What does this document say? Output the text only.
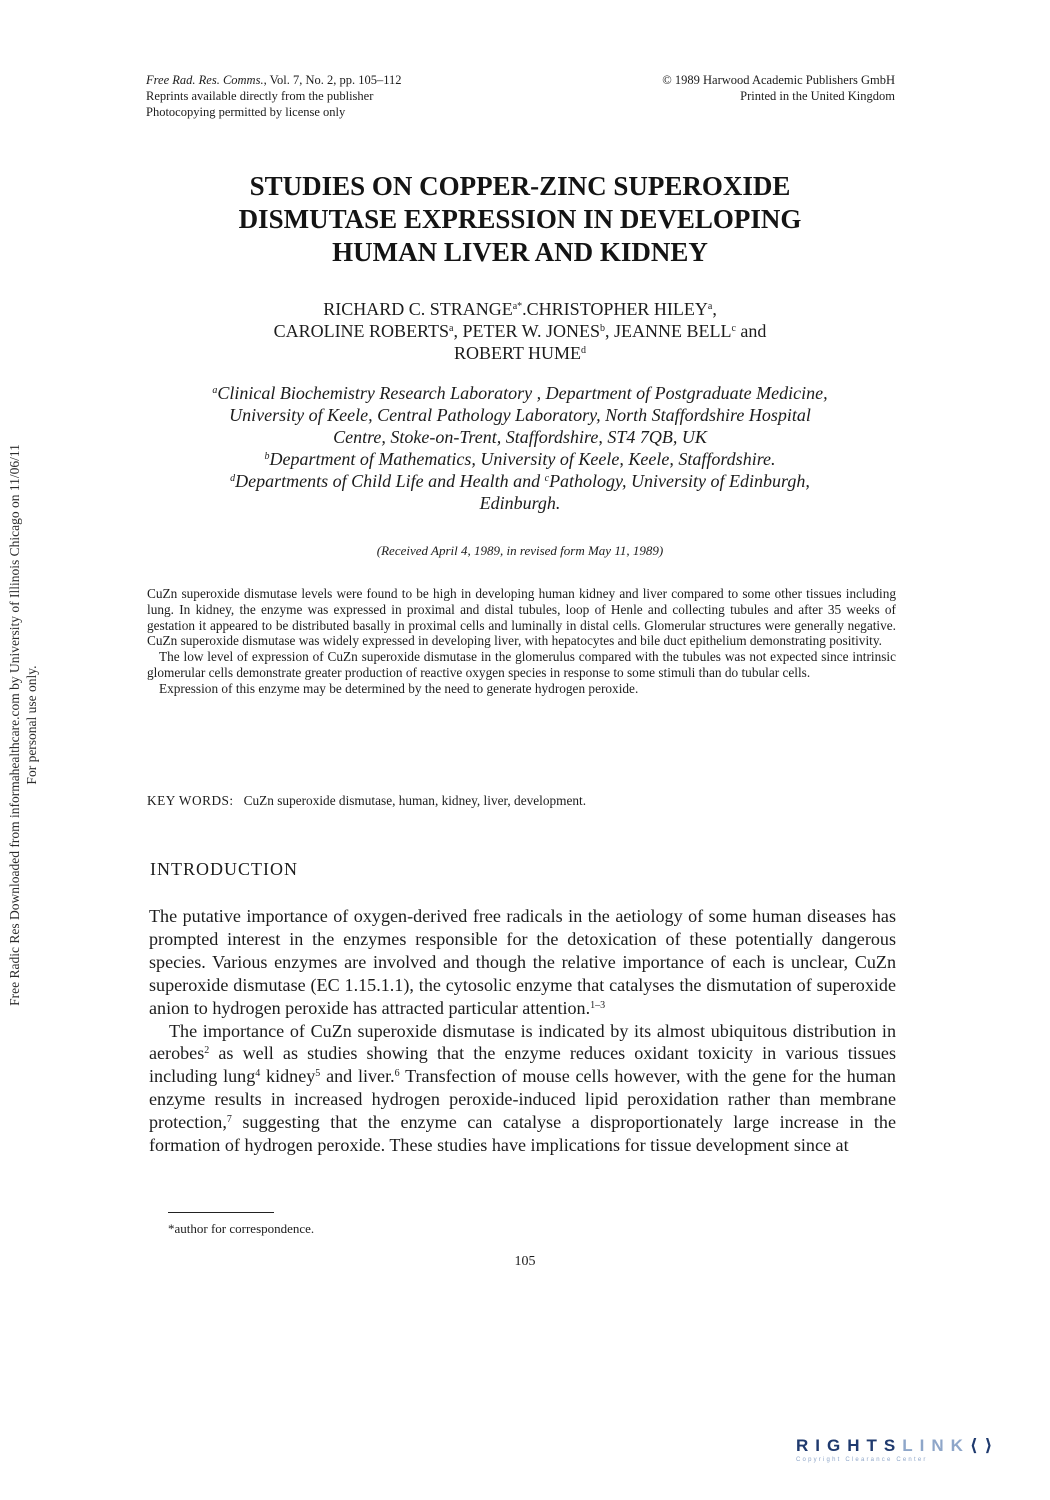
Free Rad. Res. Comms., Vol. 7, No. 2, pp. 105–112
Reprints available directly from the publisher
Photocopying permitted by license only
© 1989 Harwood Academic Publishers GmbH
Printed in the United Kingdom
STUDIES ON COPPER-ZINC SUPEROXIDE
DISMUTASE EXPRESSION IN DEVELOPING
HUMAN LIVER AND KIDNEY
RICHARD C. $STRANGE^{a*}.CHRISTOPHER$ HILEY$^a$,
CAROLINE ROBERTS$^a$, PETER W. JONES$^b$, JEANNE BELL$^c$ and
ROBERT HUME$^d$
$^a$Clinical Biochemistry Research Laboratory , Department of Postgraduate Medicine,
University of Keele, Central Pathology Laboratory, North Staffordshire Hospital
Centre, Stoke-on-Trent, Staffordshire, ST4 7QB, UK
$^b$Department of Mathematics, University of Keele, Keele, Staffordshire.
$^d$Departments of Child Life and Health and $^c$Pathology, University of Edinburgh,
Edinburgh.
(Received April 4, 1989, in revised form May 11, 1989)

CuZn superoxide dismutase levels were found to be high in developing human kidney and liver compared to some other tissues including lung. In kidney, the enzyme was expressed in proximal and distal tubules, loop of Henle and collecting tubules and after 35 weeks of gestation it appeared to be distributed basally in proximal cells and luminally in distal cells. Glomerular structures were generally negative. CuZn superoxide dismutase was widely expressed in developing liver, with hepatocytes and bile duct epithelium demonstrating positivity.

The low level of expression of CuZn superoxide dismutase in the glomerulus compared with the tubules was not expected since intrinsic glomerular cells demonstrate greater production of reactive oxygen species in response to some stimuli than do tubular cells.

Expression of this enzyme may be determined by the need to generate hydrogen peroxide.

KEY WORDS: CuZn superoxide dismutase, human, kidney, liver, development.
INTRODUCTION

The putative importance of oxygen-derived free radicals in the aetiology of some human diseases has prompted interest in the enzymes responsible for the detoxication of these potentially dangerous species. Various enzymes are involved and though the relative importance of each is unclear, CuZn superoxide dismutase (EC 1.15.1.1), the cytosolic enzyme that catalyses the dismutation of superoxide anion to hydrogen peroxide has attracted particular attention.$^{1-3}$

The importance of CuZn superoxide dismutase is indicated by its almost ubiquitous distribution in aerobes$^2$ as well as studies showing that the enzyme reduces oxidant toxicity in various tissues including lung$^4$ kidney$^5$ and liver.$^6$ Transfection of mouse cells however, with the gene for the human enzyme results in increased hydrogen peroxide-induced lipid peroxidation rather than membrane protection,$^7$ suggesting that the enzyme can catalyse a disproportionately large increase in the formation of hydrogen peroxide. These studies have implications for tissue development since at

*author for correspondence.
105
Free Radic Res Downloaded from informahealthcare.com by University of Illinois Chicago on 11/06/11 For personal use only.
RIGHTSLINK⟨⟩
Copyright Clearance Center
